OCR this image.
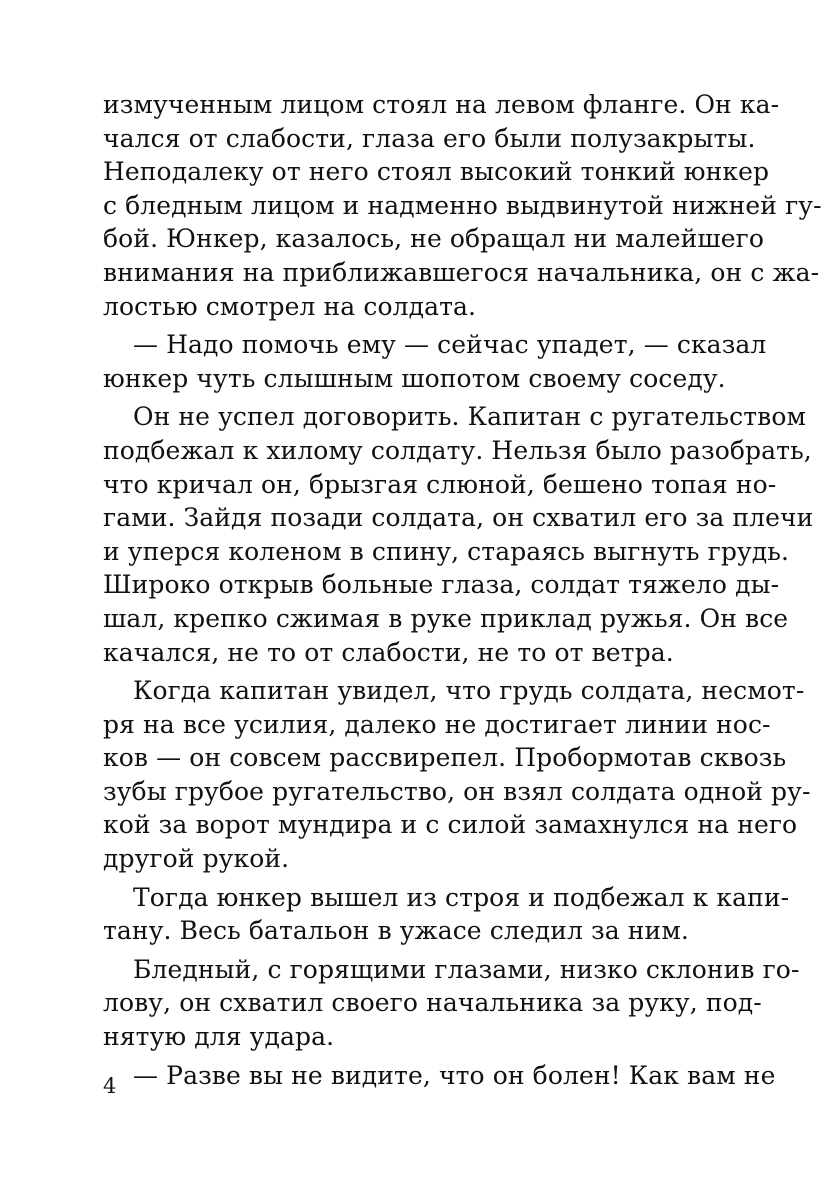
измученным лицом стоял на левом фланге. Он ка-
чался от слабости, глаза его были полузакрыты.
Неподалеку от него стоял высокий тонкий юнкер
с бледным лицом и надменно выдвинутой нижней гу-
бой. Юнкер, казалось, не обращал ни малейшего
внимания на приближавшегося начальника, он с жа-
лостью смотрел на солдата.
— Надо помочь ему — сейчас упадет, — сказал
юнкер чуть слышным шопотом своему соседу.
Он не успел договорить. Капитан с ругательством
подбежал к хилому солдату. Нельзя было разобрать,
что кричал он, брызгая слюной, бешено топая но-
гами. Зайдя позади солдата, он схватил его за плечи
и уперся коленом в спину, стараясь выгнуть грудь.
Широко открыв больные глаза, солдат тяжело ды-
шал, крепко сжимая в руке приклад ружья. Он все
качался, не то от слабости, не то от ветра.
Когда капитан увидел, что грудь солдата, несмот-
ря на все усилия, далеко не достигает линии нос-
ков — он совсем рассвирепел. Пробормотав сквозь
зубы грубое ругательство, он взял солдата одной ру-
кой за ворот мундира и с силой замахнулся на него
другой рукой.
Тогда юнкер вышел из строя и подбежал к капи-
тану. Весь батальон в ужасе следил за ним.
Бледный, с горящими глазами, низко склонив го-
лову, он схватил своего начальника за руку, под-
нятую для удара.
— Разве вы не видите, что он болен! Как вам не
4
